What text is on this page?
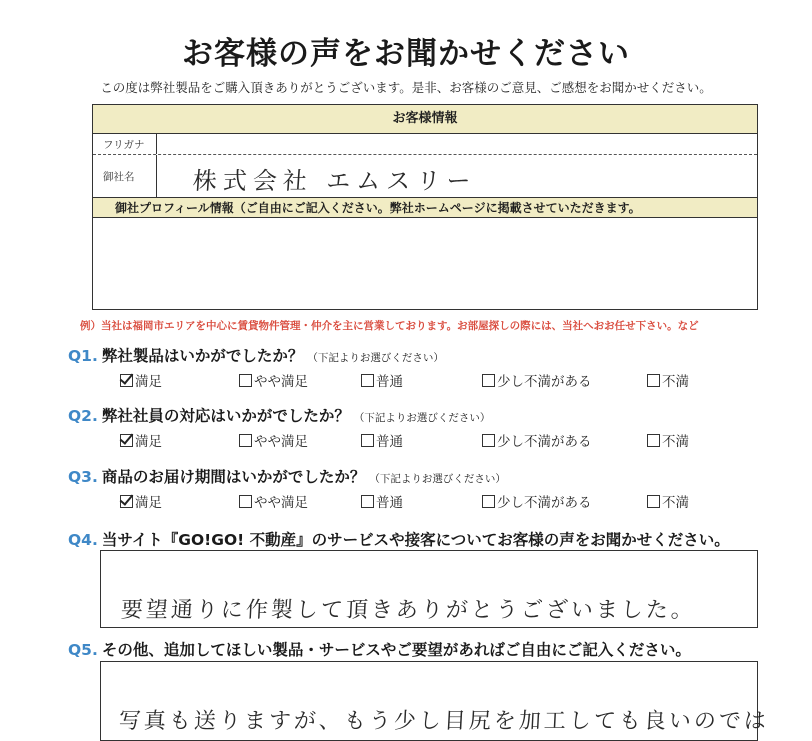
お客様の声をお聞かせください
この度は弊社製品をご購入頂きありがとうございます。是非、お客様のご意見、ご感想をお聞かせください。
お客様情報
フリガナ
御社名	株式会社 エムスリー
御社プロフィール情報（ご自由にご記入ください。弊社ホームページに掲載させていただきます。
例）当社は福岡市エリアを中心に賃貸物件管理・仲介を主に営業しております。お部屋探しの際には、当社へおお任せ下さい。など
Q1. 弊社製品はいかがでしたか？ （下記よりお選びください）
満足	やや満足	普通	少し不満がある	不満
Q2. 弊社社員の対応はいかがでしたか？ （下記よりお選びください）
満足	やや満足	普通	少し不満がある	不満
Q3. 商品のお届け期間はいかがでしたか？ （下記よりお選びください）
満足	やや満足	普通	少し不満がある	不満
Q4. 当サイト『GO!GO! 不動産』のサービスや接客についてお客様の声をお聞かせください。
要望通りに作製して頂きありがとうございました。
Q5. その他、追加してほしい製品・サービスやご要望があればご自由にご記入ください。
写真も送りますが、もう少し目尻を加工しても良いのでは
